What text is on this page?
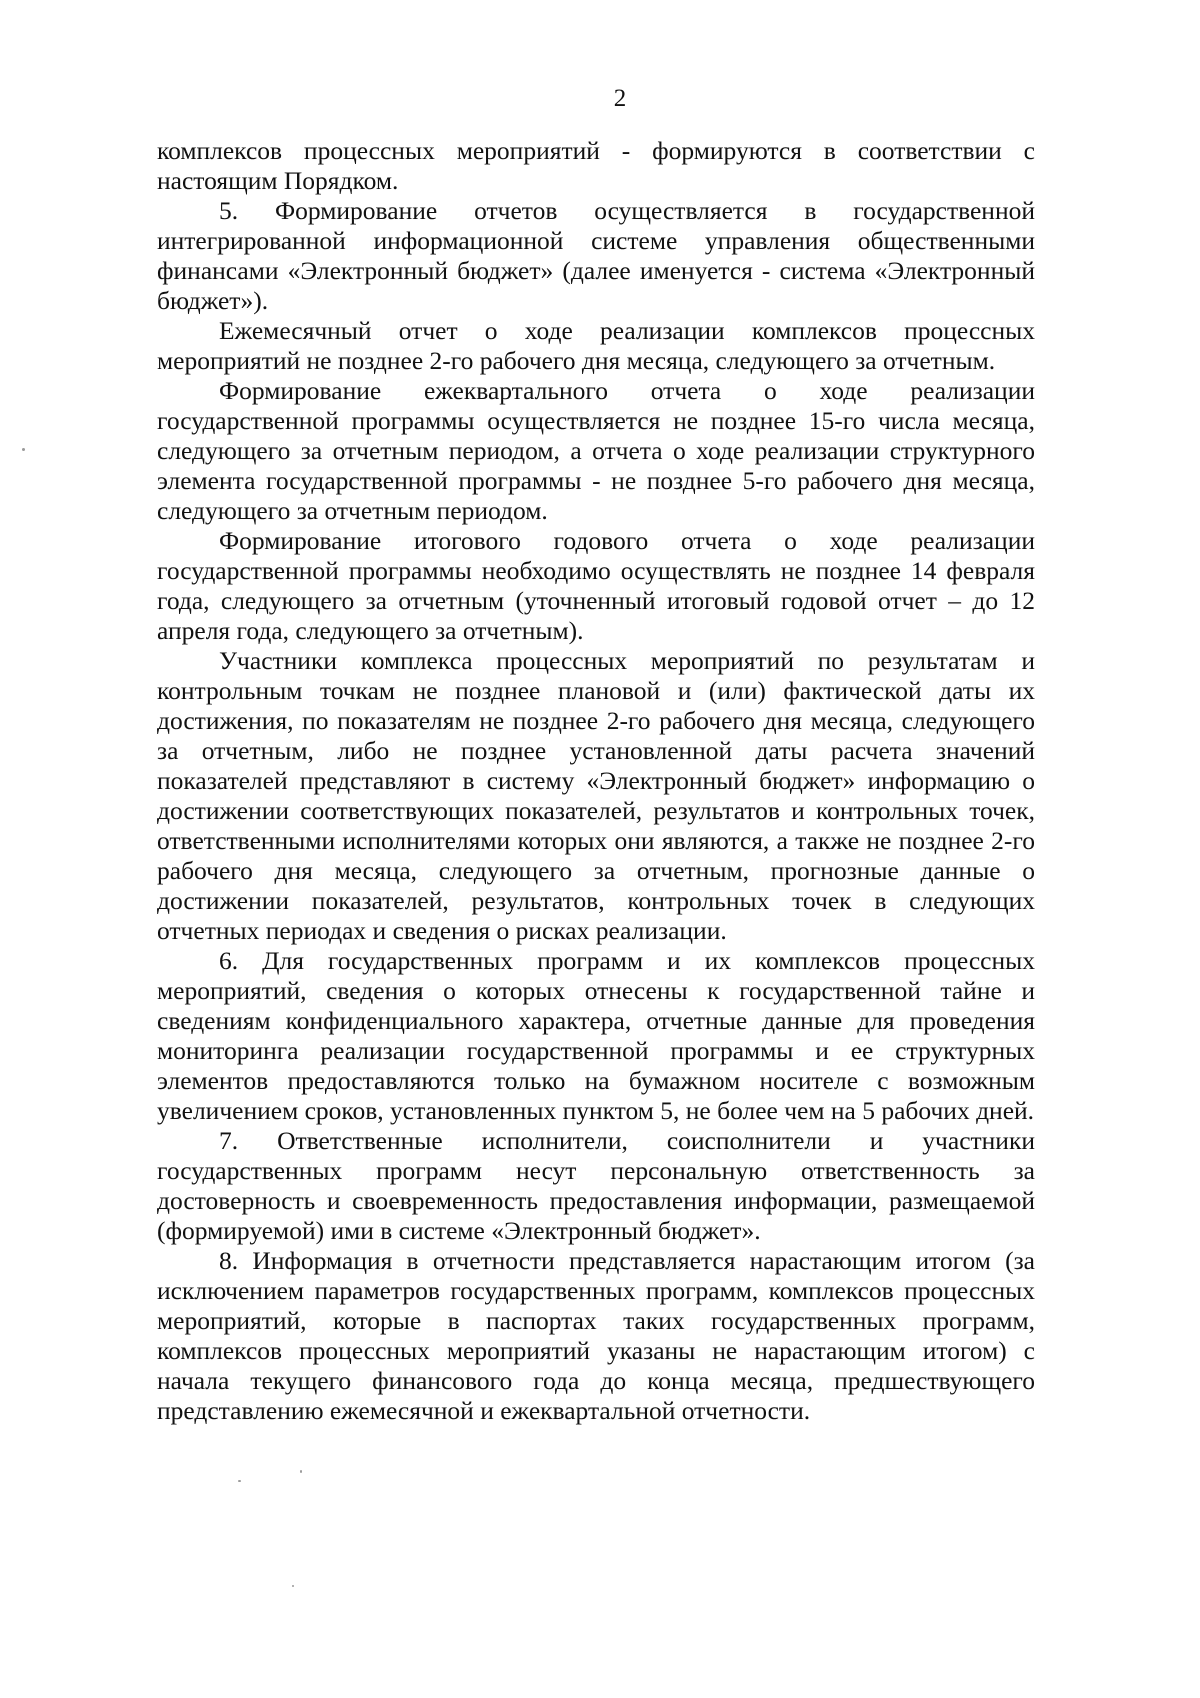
2

комплексов процессных мероприятий - формируются в соответствии с настоящим Порядком.

5. Формирование отчетов осуществляется в государственной интегрированной информационной системе управления общественными финансами «Электронный бюджет» (далее именуется - система «Электронный бюджет»).

Ежемесячный отчет о ходе реализации комплексов процессных мероприятий не позднее 2-го рабочего дня месяца, следующего за отчетным.

Формирование ежеквартального отчета о ходе реализации государственной программы осуществляется не позднее 15-го числа месяца, следующего за отчетным периодом, а отчета о ходе реализации структурного элемента государственной программы - не позднее 5-го рабочего дня месяца, следующего за отчетным периодом.

Формирование итогового годового отчета о ходе реализации государственной программы необходимо осуществлять не позднее 14 февраля года, следующего за отчетным (уточненный итоговый годовой отчет – до 12 апреля года, следующего за отчетным).

Участники комплекса процессных мероприятий по результатам и контрольным точкам не позднее плановой и (или) фактической даты их достижения, по показателям не позднее 2-го рабочего дня месяца, следующего за отчетным, либо не позднее установленной даты расчета значений показателей представляют в систему «Электронный бюджет» информацию о достижении соответствующих показателей, результатов и контрольных точек, ответственными исполнителями которых они являются, а также не позднее 2-го рабочего дня месяца, следующего за отчетным, прогнозные данные о достижении показателей, результатов, контрольных точек в следующих отчетных периодах и сведения о рисках реализации.

6. Для государственных программ и их комплексов процессных мероприятий, сведения о которых отнесены к государственной тайне и сведениям конфиденциального характера, отчетные данные для проведения мониторинга реализации государственной программы и ее структурных элементов предоставляются только на бумажном носителе с возможным увеличением сроков, установленных пунктом 5, не более чем на 5 рабочих дней.

7. Ответственные исполнители, соисполнители и участники государственных программ несут персональную ответственность за достоверность и своевременность предоставления информации, размещаемой (формируемой) ими в системе «Электронный бюджет».

8. Информация в отчетности представляется нарастающим итогом (за исключением параметров государственных программ, комплексов процессных мероприятий, которые в паспортах таких государственных программ, комплексов процессных мероприятий указаны не нарастающим итогом) с начала текущего финансового года до конца месяца, предшествующего представлению ежемесячной и ежеквартальной отчетности.
